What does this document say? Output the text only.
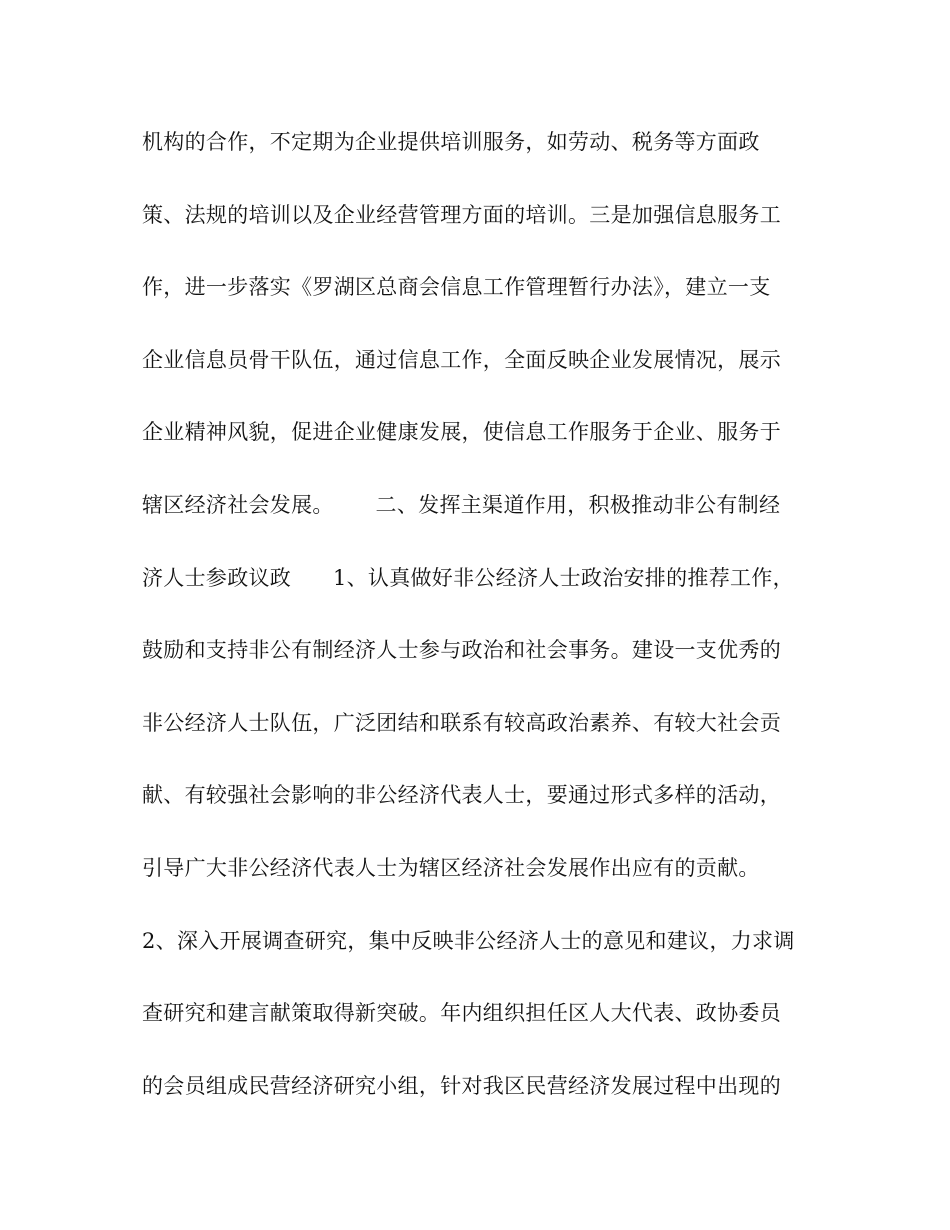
机构的合作，不定期为企业提供培训服务，如劳动、税务等方面政
策、法规的培训以及企业经营管理方面的培训。三是加强信息服务工
作，进一步落实《罗湖区总商会信息工作管理暂行办法》，建立一支
企业信息员骨干队伍，通过信息工作，全面反映企业发展情况，展示
企业精神风貌，促进企业健康发展，使信息工作服务于企业、服务于
辖区经济社会发展。      二、发挥主渠道作用，积极推动非公有制经
济人士参政议政      1、认真做好非公经济人士政治安排的推荐工作，
鼓励和支持非公有制经济人士参与政治和社会事务。建设一支优秀的
非公经济人士队伍，广泛团结和联系有较高政治素养、有较大社会贡
献、有较强社会影响的非公经济代表人士，要通过形式多样的活动，
引导广大非公经济代表人士为辖区经济社会发展作出应有的贡献。
2、深入开展调查研究，集中反映非公经济人士的意见和建议，力求调
查研究和建言献策取得新突破。年内组织担任区人大代表、政协委员
的会员组成民营经济研究小组，针对我区民营经济发展过程中出现的
